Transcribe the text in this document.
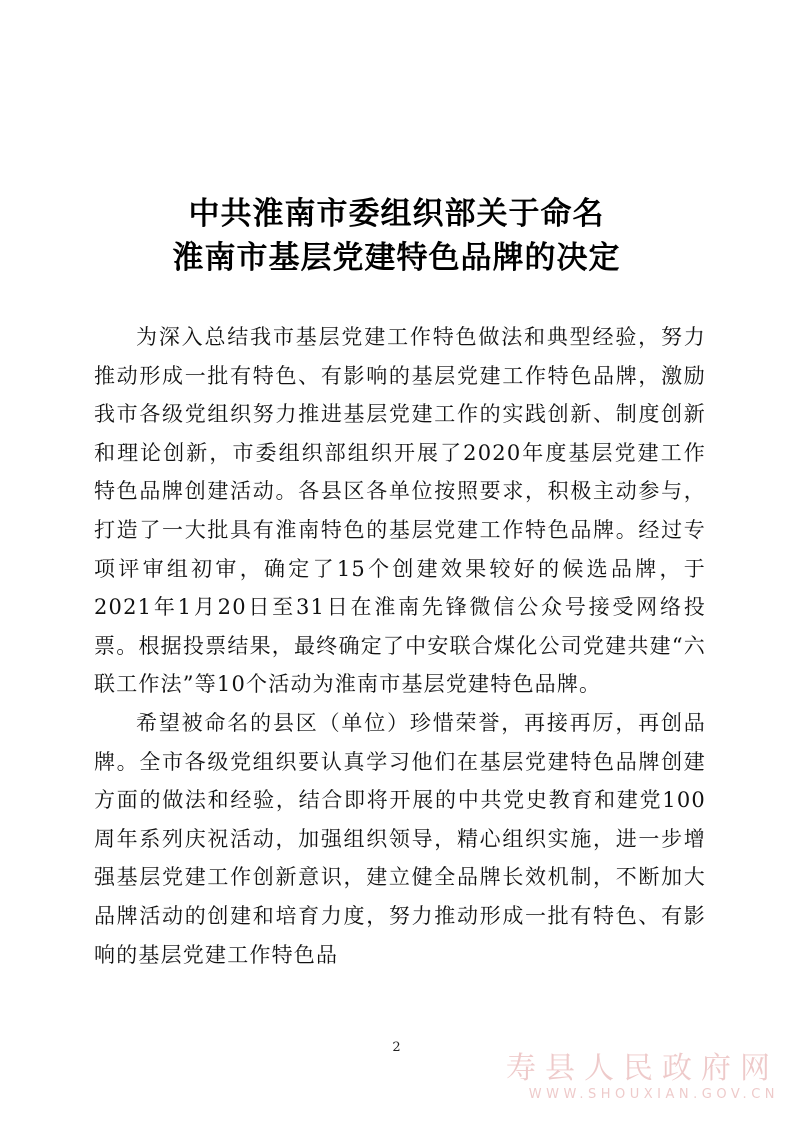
中共淮南市委组织部关于命名
淮南市基层党建特色品牌的决定

为深入总结我市基层党建工作特色做法和典型经验，努力推动形成一批有特色、有影响的基层党建工作特色品牌，激励我市各级党组织努力推进基层党建工作的实践创新、制度创新和理论创新，市委组织部组织开展了2020年度基层党建工作特色品牌创建活动。各县区各单位按照要求，积极主动参与，打造了一大批具有淮南特色的基层党建工作特色品牌。经过专项评审组初审，确定了15个创建效果较好的候选品牌，于2021年1月20日至31日在淮南先锋微信公众号接受网络投票。根据投票结果，最终确定了中安联合煤化公司党建共建“六联工作法”等10个活动为淮南市基层党建特色品牌。

希望被命名的县区（单位）珍惜荣誉，再接再厉，再创品牌。全市各级党组织要认真学习他们在基层党建特色品牌创建方面的做法和经验，结合即将开展的中共党史教育和建党100周年系列庆祝活动，加强组织领导，精心组织实施，进一步增强基层党建工作创新意识，建立健全品牌长效机制，不断加大品牌活动的创建和培育力度，努力推动形成一批有特色、有影响的基层党建工作特色品

2
寿县人民政府网
WWW.SHOUXIAN.GOV.CN
